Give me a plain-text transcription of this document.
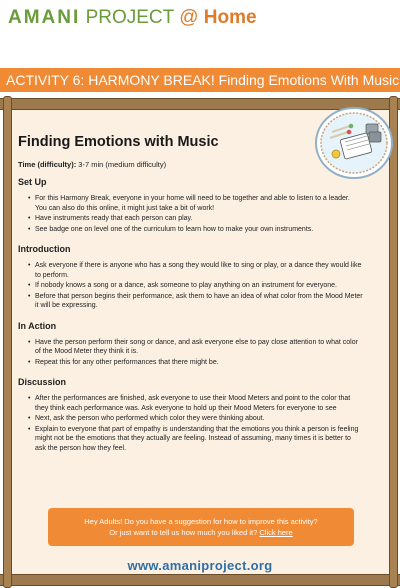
AMANI PROJECT @ Home
ACTIVITY 6: HARMONY BREAK! Finding Emotions With Music
Finding Emotions with Music
Time (difficulty): 3-7 min (medium difficulty)
Set Up
• For this Harmony Break, everyone in your home will need to be together and able to listen to a leader. You can also do this online, it might just take a bit of work!
• Have instruments ready that each person can play.
• See badge one on level one of the curriculum to learn how to make your own instruments.
Introduction
• Ask everyone if there is anyone who has a song they would like to sing or play, or a dance they would like to perform.
• If nobody knows a song or a dance, ask someone to play anything on an instrument for everyone.
• Before that person begins their performance, ask them to have an idea of what color from the Mood Meter it will be expressing.
In Action
• Have the person perform their song or dance, and ask everyone else to pay close attention to what color of the Mood Meter they think it is.
• Repeat this for any other performances that there might be.
Discussion
• After the performances are finished, ask everyone to use their Mood Meters and point to the color that they think each performance was. Ask everyone to hold up their Mood Meters for everyone to see
• Next, ask the person who performed which color they were thinking about.
• Explain to everyone that part of empathy is understanding that the emotions you think a person is feeling might not be the emotions that they actually are feeling. Instead of assuming, many times it is better to ask the person how they feel.
Hey Adults! Do you have a suggestion for how to improve this activity?
Or just want to tell us how much you liked it? Click here
www.amaniproject.org
